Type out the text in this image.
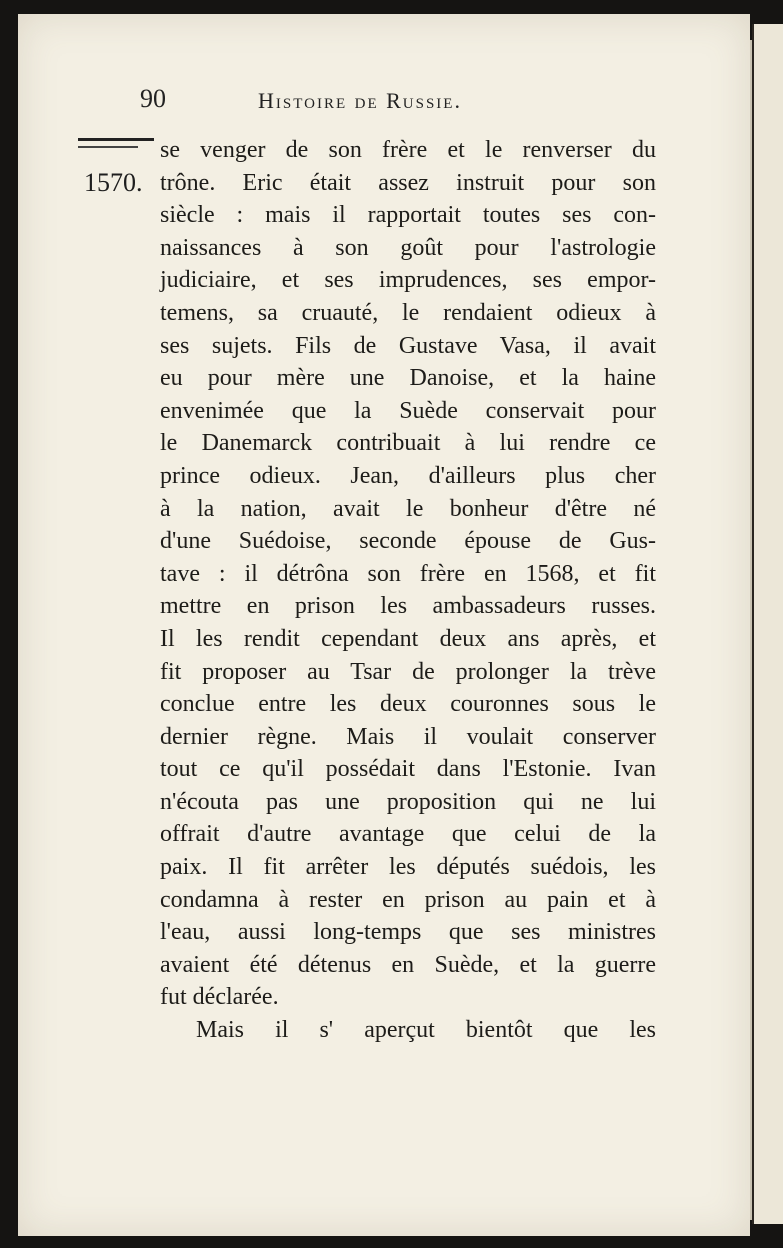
90	Histoire de Russie.
1570.
se venger de son frère et le renverser du
trône. Eric était assez instruit pour son
siècle : mais il rapportait toutes ses con-
naissances à son goût pour l'astrologie
judiciaire, et ses imprudences, ses empor-
temens, sa cruauté, le rendaient odieux à
ses sujets. Fils de Gustave Vasa, il avait
eu pour mère une Danoise, et la haine
envenimée que la Suède conservait pour
le Danemarck contribuait à lui rendre ce
prince odieux. Jean, d'ailleurs plus cher
à la nation, avait le bonheur d'être né
d'une Suédoise, seconde épouse de Gus-
tave : il détrôna son frère en 1568, et fit
mettre en prison les ambassadeurs russes.
Il les rendit cependant deux ans après, et
fit proposer au Tsar de prolonger la trève
conclue entre les deux couronnes sous le
dernier règne. Mais il voulait conserver
tout ce qu'il possédait dans l'Estonie. Ivan
n'écouta pas une proposition qui ne lui
offrait d'autre avantage que celui de la
paix. Il fit arrêter les députés suédois, les
condamna à rester en prison au pain et à
l'eau, aussi long-temps que ses ministres
avaient été détenus en Suède, et la guerre
fut déclarée.
Mais il s' aperçut bientôt que les
